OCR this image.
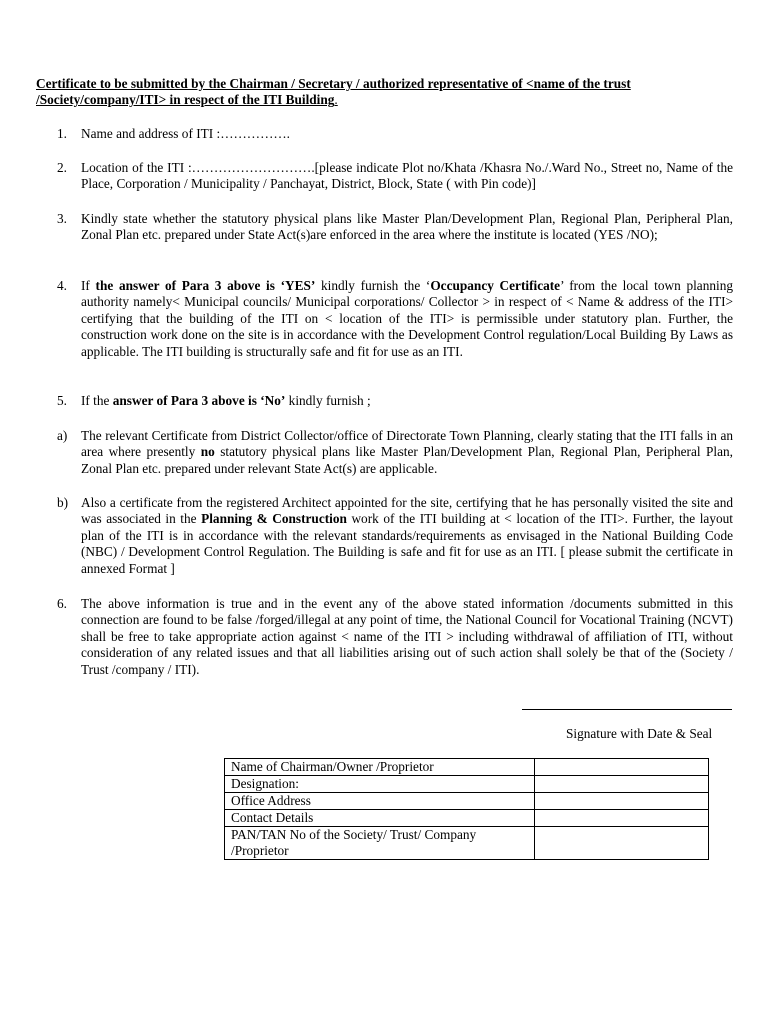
Certificate to be submitted by the Chairman / Secretary / authorized representative of <name of the trust /Society/company/ITI> in respect of the ITI Building.
1. Name and address of ITI :…………….
2. Location of the ITI :……………………….[please indicate Plot no/Khata /Khasra No./.Ward No., Street no, Name of the Place, Corporation / Municipality / Panchayat, District, Block, State ( with Pin code)]
3. Kindly state whether the statutory physical plans like Master Plan/Development Plan, Regional Plan, Peripheral Plan, Zonal Plan etc. prepared under State Act(s)are enforced in the area where the institute is located (YES /NO);
4. If the answer of Para 3 above is ‘YES’ kindly furnish the ‘Occupancy Certificate’ from the local town planning authority namely< Municipal councils/ Municipal corporations/ Collector > in respect of < Name & address of the ITI> certifying that the building of the ITI on < location of the ITI> is permissible under statutory plan. Further, the construction work done on the site is in accordance with the Development Control regulation/Local Building By Laws as applicable. The ITI building is structurally safe and fit for use as an ITI.
5. If the answer of Para 3 above is ‘No’ kindly furnish ;
a) The relevant Certificate from District Collector/office of Directorate Town Planning, clearly stating that the ITI falls in an area where presently no statutory physical plans like Master Plan/Development Plan, Regional Plan, Peripheral Plan, Zonal Plan etc. prepared under relevant State Act(s) are applicable.
b) Also a certificate from the registered Architect appointed for the site, certifying that he has personally visited the site and was associated in the Planning & Construction work of the ITI building at < location of the ITI>. Further, the layout plan of the ITI is in accordance with the relevant standards/requirements as envisaged in the National Building Code (NBC) / Development Control Regulation. The Building is safe and fit for use as an ITI. [ please submit the certificate in annexed Format ]
6. The above information is true and in the event any of the above stated information /documents submitted in this connection are found to be false /forged/illegal at any point of time, the National Council for Vocational Training (NCVT) shall be free to take appropriate action against < name of the ITI > including withdrawal of affiliation of ITI, without consideration of any related issues and that all liabilities arising out of such action shall solely be that of the (Society / Trust /company / ITI).
Signature with Date & Seal
Name of Chairman/Owner /Proprietor	
Designation:	
Office Address	
Contact Details	
PAN/TAN No of the Society/ Trust/ Company /Proprietor	
